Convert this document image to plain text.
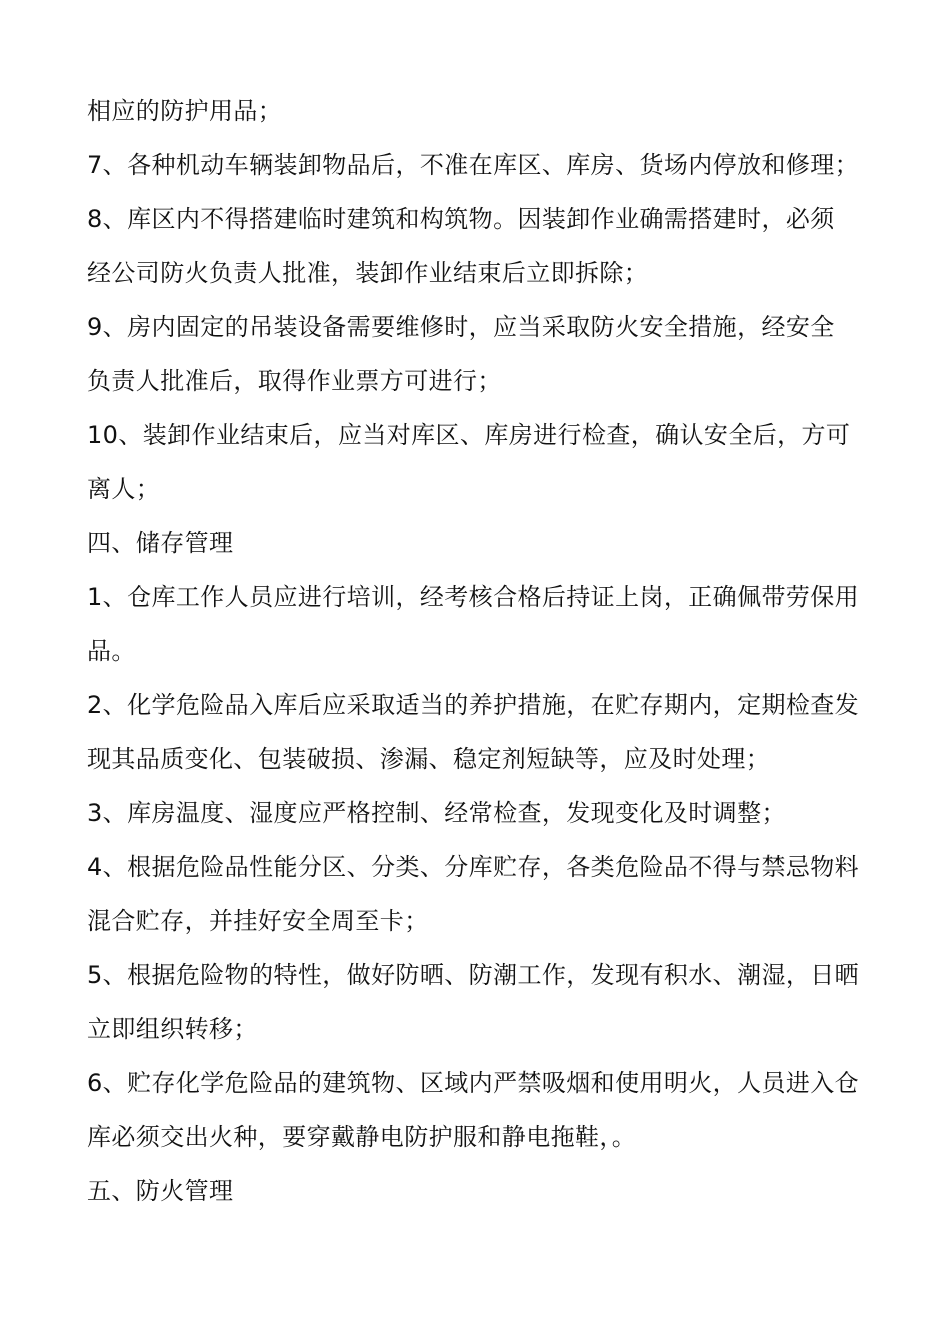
相应的防护用品；
7、各种机动车辆装卸物品后，不准在库区、库房、货场内停放和修理；
8、库区内不得搭建临时建筑和构筑物。因装卸作业确需搭建时，必须
经公司防火负责人批准，装卸作业结束后立即拆除；
9、房内固定的吊装设备需要维修时，应当采取防火安全措施，经安全
负责人批准后，取得作业票方可进行；
10、装卸作业结束后，应当对库区、库房进行检查，确认安全后，方可
离人；
四、储存管理
1、仓库工作人员应进行培训，经考核合格后持证上岗，正确佩带劳保用
品。
2、化学危险品入库后应采取适当的养护措施，在贮存期内，定期检查发
现其品质变化、包装破损、渗漏、稳定剂短缺等，应及时处理；
3、库房温度、湿度应严格控制、经常检查，发现变化及时调整；
4、根据危险品性能分区、分类、分库贮存，各类危险品不得与禁忌物料
混合贮存，并挂好安全周至卡；
5、根据危险物的特性，做好防晒、防潮工作，发现有积水、潮湿，日晒
立即组织转移；
6、贮存化学危险品的建筑物、区域内严禁吸烟和使用明火，人员进入仓
库必须交出火种，要穿戴静电防护服和静电拖鞋，。
五、防火管理
